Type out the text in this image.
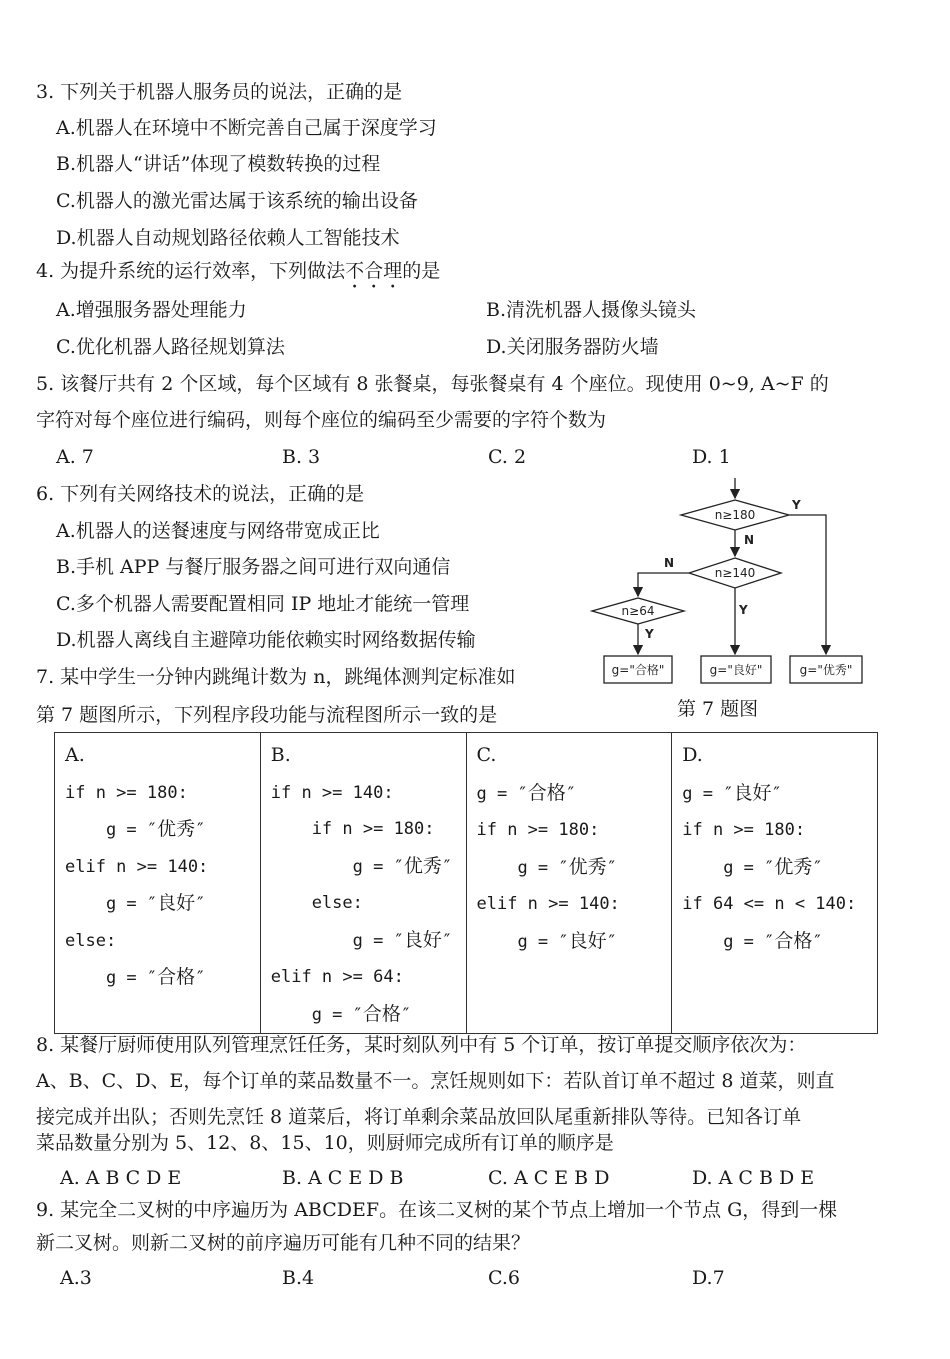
3. 下列关于机器人服务员的说法，正确的是
A.机器人在环境中不断完善自己属于深度学习
B.机器人“讲话”体现了模数转换的过程
C.机器人的激光雷达属于该系统的输出设备
D.机器人自动规划路径依赖人工智能技术
4. 为提升系统的运行效率，下列做法不合理的是
A.增强服务器处理能力	B.清洗机器人摄像头镜头
C.优化机器人路径规划算法	D.关闭服务器防火墙
5. 该餐厅共有 2 个区域，每个区域有 8 张餐桌，每张餐桌有 4 个座位。现使用 0~9, A~F 的
字符对每个座位进行编码，则每个座位的编码至少需要的字符个数为
A. 7	B. 3	C. 2	D. 1
6. 下列有关网络技术的说法，正确的是
A.机器人的送餐速度与网络带宽成正比
B.手机 APP 与餐厅服务器之间可进行双向通信
C.多个机器人需要配置相同 IP 地址才能统一管理
D.机器人离线自主避障功能依赖实时网络数据传输
7. 某中学生一分钟内跳绳计数为 n，跳绳体测判定标准如
第 7 题图所示，下列程序段功能与流程图所示一致的是	第 7 题图
n≥180
n≥140
n≥64
g="合格"	g="良好"	g="优秀"
Y
N
N
Y
Y
A.
if n >= 180:
g = ″优秀″
elif n >= 140:
g = ″良好″
else:
g = ″合格″

B.
if n >= 140:
if n >= 180:
g = ″优秀″
else:
g = ″良好″
elif n >= 64:
g = ″合格″

C.
g = ″合格″
if n >= 180:
g = ″优秀″
elif n >= 140:
g = ″良好″

D.
g = ″良好″
if n >= 180:
g = ″优秀″
if 64 <= n < 140:
g = ″合格″
8. 某餐厅厨师使用队列管理烹饪任务，某时刻队列中有 5 个订单，按订单提交顺序依次为：
A、B、C、D、E，每个订单的菜品数量不一。烹饪规则如下：若队首订单不超过 8 道菜，则直
接完成并出队；否则先烹饪 8 道菜后，将订单剩余菜品放回队尾重新排队等待。已知各订单
菜品数量分别为 5、12、8、15、10，则厨师完成所有订单的顺序是
A. A B C D E	B. A C E D B	C. A C E B D	D. A C B D E
9. 某完全二叉树的中序遍历为 ABCDEF。在该二叉树的某个节点上增加一个节点 G，得到一棵
新二叉树。则新二叉树的前序遍历可能有几种不同的结果？
A.3	B.4	C.6	D.7
